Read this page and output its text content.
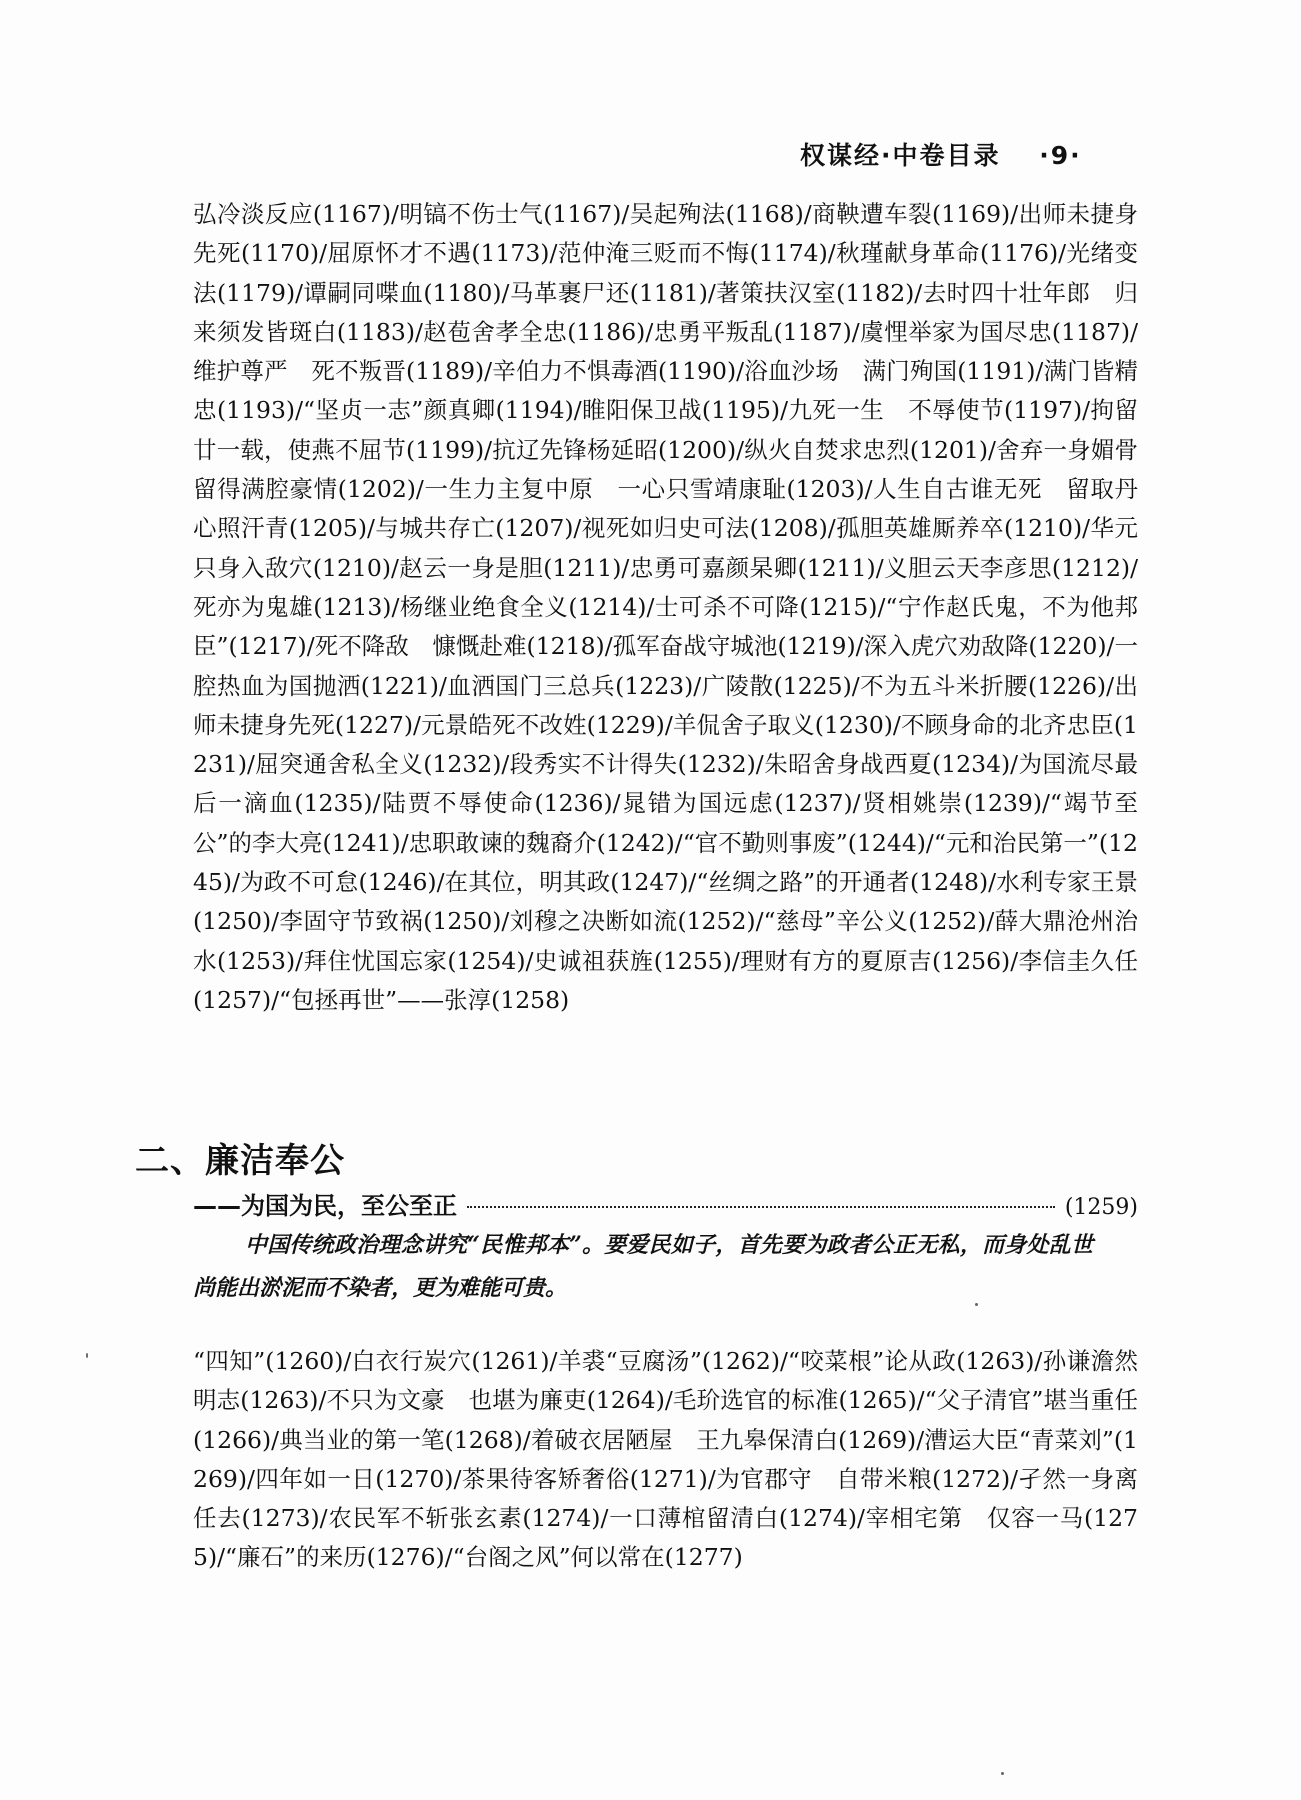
权谋经·中卷目录 ·9·
弘冷淡反应(1167)/明镐不伤士气(1167)/吴起殉法(1168)/商鞅遭车裂(1169)/出师未捷身先死(1170)/屈原怀才不遇(1173)/范仲淹三贬而不悔(1174)/秋瑾献身革命(1176)/光绪变法(1179)/谭嗣同喋血(1180)/马革裹尸还(1181)/著策扶汉室(1182)/去时四十壮年郎　归来须发皆斑白(1183)/赵苞舍孝全忠(1186)/忠勇平叛乱(1187)/虞悝举家为国尽忠(1187)/维护尊严　死不叛晋(1189)/辛伯力不惧毒酒(1190)/浴血沙场　满门殉国(1191)/满门皆精忠(1193)/“坚贞一志”颜真卿(1194)/睢阳保卫战(1195)/九死一生　不辱使节(1197)/拘留廿一载，使燕不屈节(1199)/抗辽先锋杨延昭(1200)/纵火自焚求忠烈(1201)/舍弃一身媚骨　留得满腔豪情(1202)/一生力主复中原　一心只雪靖康耻(1203)/人生自古谁无死　留取丹心照汗青(1205)/与城共存亡(1207)/视死如归史可法(1208)/孤胆英雄厮养卒(1210)/华元只身入敌穴(1210)/赵云一身是胆(1211)/忠勇可嘉颜杲卿(1211)/义胆云天李彦思(1212)/死亦为鬼雄(1213)/杨继业绝食全义(1214)/士可杀不可降(1215)/“宁作赵氏鬼，不为他邦臣”(1217)/死不降敌　慷慨赴难(1218)/孤军奋战守城池(1219)/深入虎穴劝敌降(1220)/一腔热血为国抛洒(1221)/血洒国门三总兵(1223)/广陵散(1225)/不为五斗米折腰(1226)/出师未捷身先死(1227)/元景皓死不改姓(1229)/羊侃舍子取义(1230)/不顾身命的北齐忠臣(1231)/屈突通舍私全义(1232)/段秀实不计得失(1232)/朱昭舍身战西夏(1234)/为国流尽最后一滴血(1235)/陆贾不辱使命(1236)/晁错为国远虑(1237)/贤相姚崇(1239)/“竭节至公”的李大亮(1241)/忠职敢谏的魏裔介(1242)/“官不勤则事废”(1244)/“元和治民第一”(1245)/为政不可怠(1246)/在其位，明其政(1247)/“丝绸之路”的开通者(1248)/水利专家王景(1250)/李固守节致祸(1250)/刘穆之决断如流(1252)/“慈母”辛公义(1252)/薛大鼎沧州治水(1253)/拜住忧国忘家(1254)/史诚祖获旌(1255)/理财有方的夏原吉(1256)/李信圭久任(1257)/“包拯再世”——张淳(1258)
二、廉洁奉公
——为国为民，至公至正	(1259)
中国传统政治理念讲究“民惟邦本”。要爱民如子，首先要为政者公正无私，而身处乱世尚能出淤泥而不染者，更为难能可贵。
“四知”(1260)/白衣行炭穴(1261)/羊裘“豆腐汤”(1262)/“咬菜根”论从政(1263)/孙谦澹然明志(1263)/不只为文豪　也堪为廉吏(1264)/毛玠选官的标准(1265)/“父子清官”堪当重任(1266)/典当业的第一笔(1268)/着破衣居陋屋　王九皋保清白(1269)/漕运大臣“青菜刘”(1269)/四年如一日(1270)/茶果待客矫奢俗(1271)/为官郡守　自带米粮(1272)/孑然一身离任去(1273)/农民军不斩张玄素(1274)/一口薄棺留清白(1274)/宰相宅第　仅容一马(1275)/“廉石”的来历(1276)/“台阁之风”何以常在(1277)
